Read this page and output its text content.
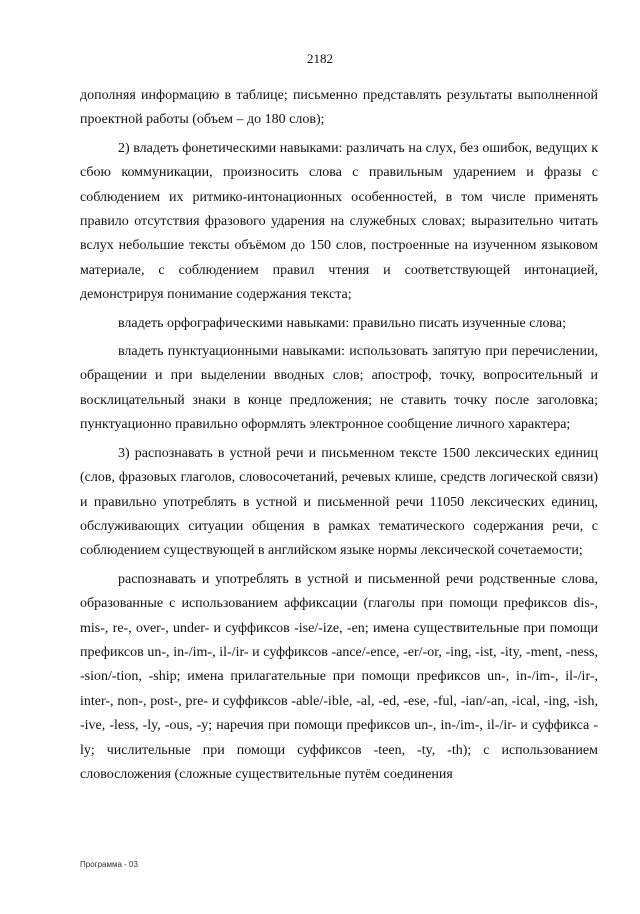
2182

дополняя информацию в таблице; письменно представлять результаты выполненной проектной работы (объем – до 180 слов);

2) владеть фонетическими навыками: различать на слух, без ошибок, ведущих к сбою коммуникации, произносить слова с правильным ударением и фразы с соблюдением их ритмико-интонационных особенностей, в том числе применять правило отсутствия фразового ударения на служебных словах; выразительно читать вслух небольшие тексты объёмом до 150 слов, построенные на изученном языковом материале, с соблюдением правил чтения и соответствующей интонацией, демонстрируя понимание содержания текста;

владеть орфографическими навыками: правильно писать изученные слова;

владеть пунктуационными навыками: использовать запятую при перечислении, обращении и при выделении вводных слов; апостроф, точку, вопросительный и восклицательный знаки в конце предложения; не ставить точку после заголовка; пунктуационно правильно оформлять электронное сообщение личного характера;

3) распознавать в устной речи и письменном тексте 1500 лексических единиц (слов, фразовых глаголов, словосочетаний, речевых клише, средств логической связи) и правильно употреблять в устной и письменной речи 11050 лексических единиц, обслуживающих ситуации общения в рамках тематического содержания речи, с соблюдением существующей в английском языке нормы лексической сочетаемости;

распознавать и употреблять в устной и письменной речи родственные слова, образованные с использованием аффиксации (глаголы при помощи префиксов dis-, mis-, re-, over-, under- и суффиксов -ise/-ize, -en; имена существительные при помощи префиксов un-, in-/im-, il-/ir- и суффиксов -ance/-ence, -er/-or, -ing, -ist, -ity, -ment, -ness, -sion/-tion, -ship; имена прилагательные при помощи префиксов un-, in-/im-, il-/ir-, inter-, non-, post-, pre- и суффиксов -able/-ible, -al, -ed, -ese, -ful, -ian/-an, -ical, -ing, -ish, -ive, -less, -ly, -ous, -y; наречия при помощи префиксов un-, in-/im-, il-/ir- и суффикса -ly; числительные при помощи суффиксов -teen, -ty, -th); с использованием словосложения (сложные существительные путём соединения

Программа - 03
